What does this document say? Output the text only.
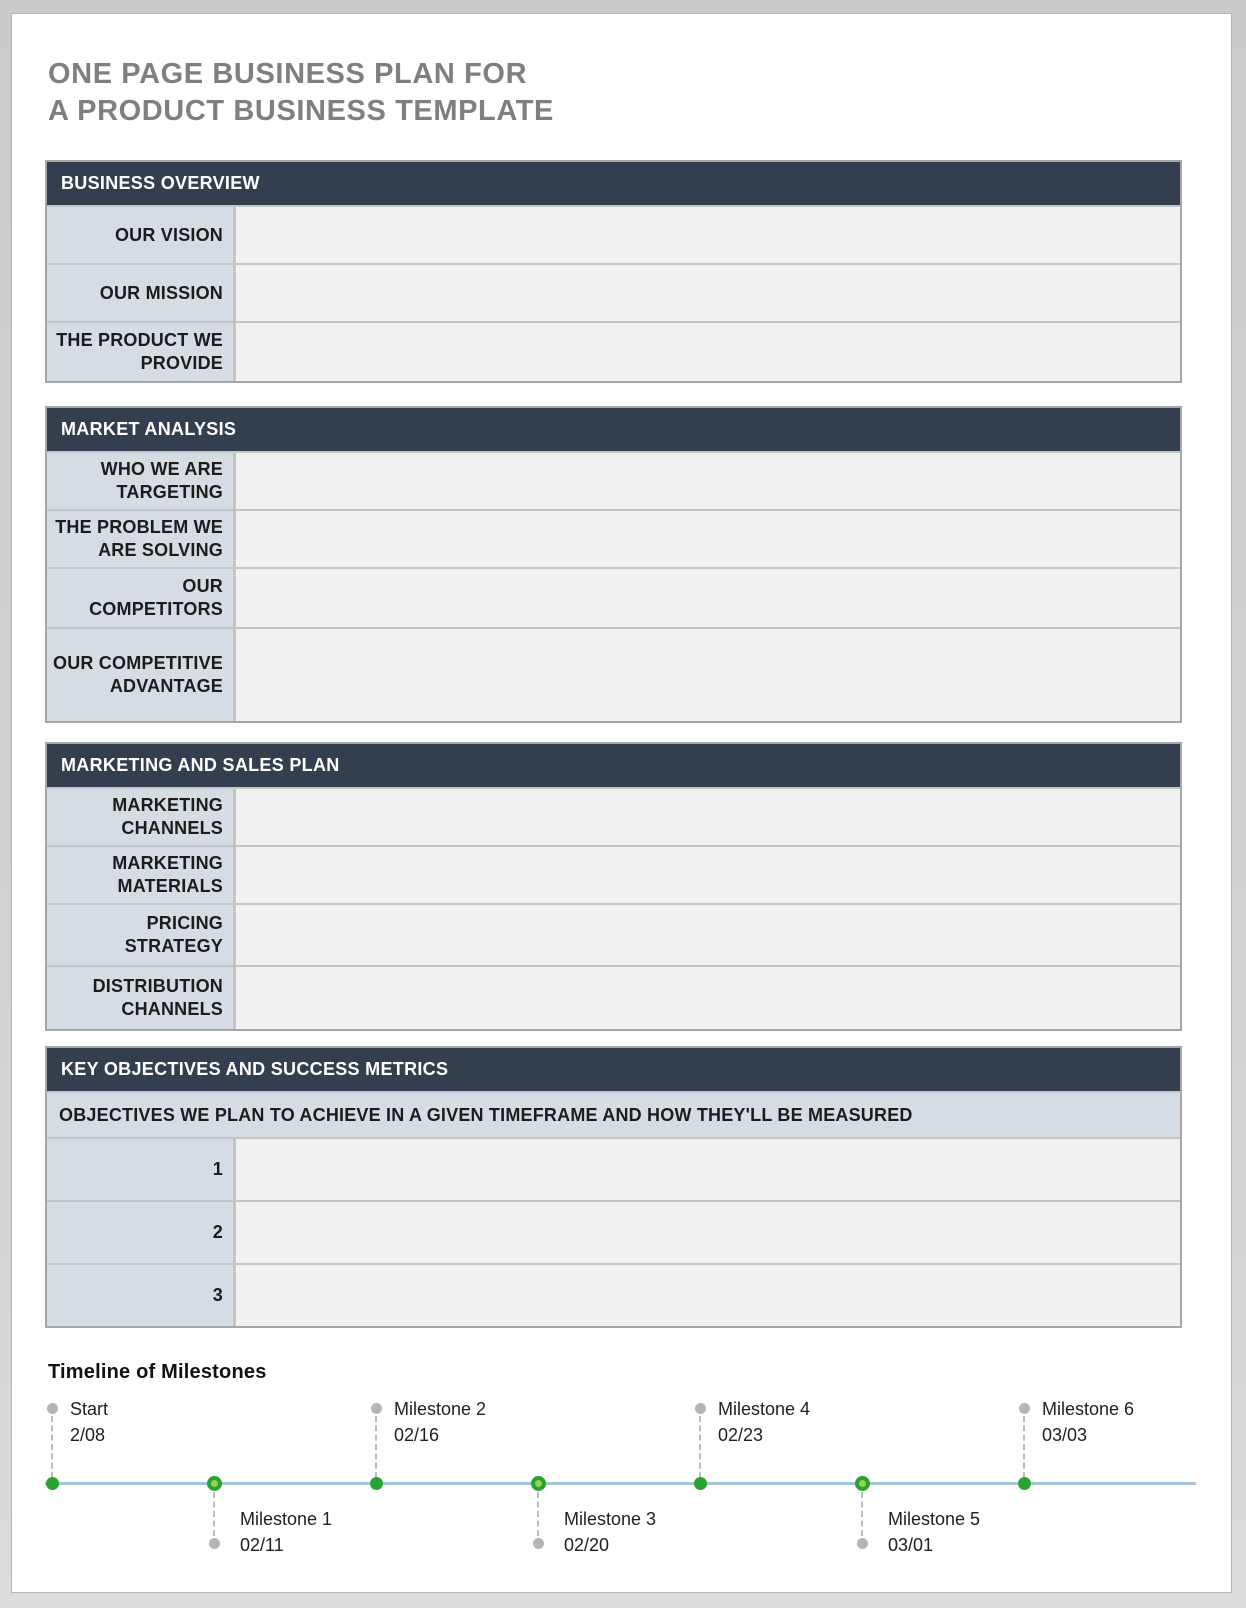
ONE PAGE BUSINESS PLAN FOR
A PRODUCT BUSINESS TEMPLATE
BUSINESS OVERVIEW
OUR VISION
OUR MISSION
THE PRODUCT WE PROVIDE
MARKET ANALYSIS
WHO WE ARE TARGETING
THE PROBLEM WE ARE SOLVING
OUR COMPETITORS
OUR COMPETITIVE ADVANTAGE
MARKETING AND SALES PLAN
MARKETING CHANNELS
MARKETING MATERIALS
PRICING STRATEGY
DISTRIBUTION CHANNELS
KEY OBJECTIVES AND SUCCESS METRICS
OBJECTIVES WE PLAN TO ACHIEVE IN A GIVEN TIMEFRAME AND HOW THEY'LL BE MEASURED
1
2
3
Timeline of Milestones
Start
2/08
Milestone 1
02/11
Milestone 2
02/16
Milestone 3
02/20
Milestone 4
02/23
Milestone 5
03/01
Milestone 6
03/03
